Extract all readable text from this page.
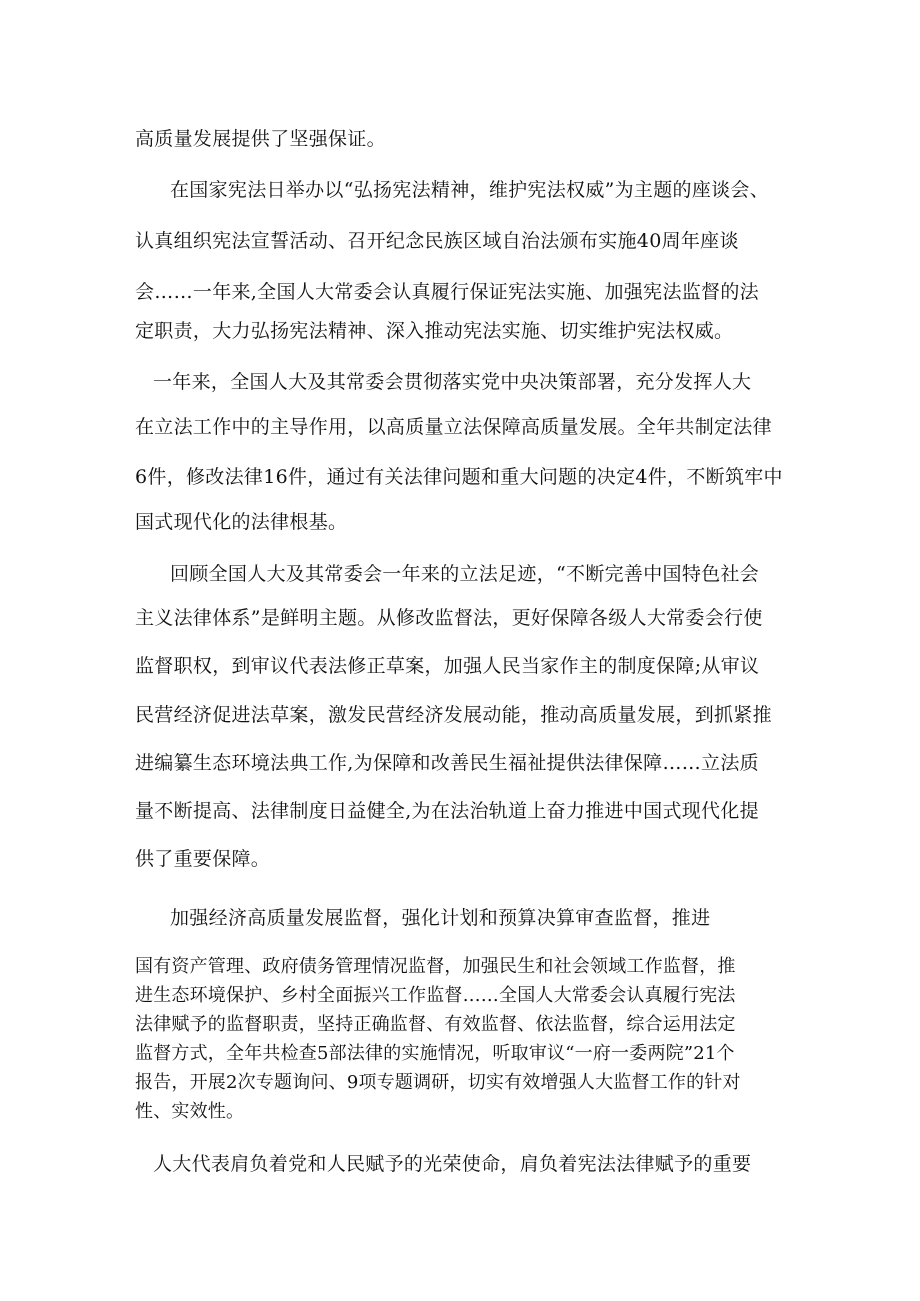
高质量发展提供了坚强保证。
在国家宪法日举办以“弘扬宪法精神，维护宪法权威”为主题的座谈会、
认真组织宪法宣誓活动、召开纪念民族区域自治法颁布实施40周年座谈
会……一年来,全国人大常委会认真履行保证宪法实施、加强宪法监督的法
定职责，大力弘扬宪法精神、深入推动宪法实施、切实维护宪法权威。
一年来，全国人大及其常委会贯彻落实党中央决策部署，充分发挥人大
在立法工作中的主导作用，以高质量立法保障高质量发展。全年共制定法律
6件，修改法律16件，通过有关法律问题和重大问题的决定4件，不断筑牢中
国式现代化的法律根基。
回顾全国人大及其常委会一年来的立法足迹，“不断完善中国特色社会
主义法律体系”是鲜明主题。从修改监督法，更好保障各级人大常委会行使
监督职权，到审议代表法修正草案，加强人民当家作主的制度保障;从审议
民营经济促进法草案，激发民营经济发展动能，推动高质量发展，到抓紧推
进编纂生态环境法典工作,为保障和改善民生福祉提供法律保障……立法质
量不断提高、法律制度日益健全,为在法治轨道上奋力推进中国式现代化提
供了重要保障。
加强经济高质量发展监督，强化计划和预算决算审查监督，推进
国有资产管理、政府债务管理情况监督，加强民生和社会领域工作监督，推
进生态环境保护、乡村全面振兴工作监督……全国人大常委会认真履行宪法
法律赋予的监督职责，坚持正确监督、有效监督、依法监督，综合运用法定
监督方式，全年共检查5部法律的实施情况，听取审议“一府一委两院”21个
报告，开展2次专题询问、9项专题调研，切实有效增强人大监督工作的针对
性、实效性。
人大代表肩负着党和人民赋予的光荣使命，肩负着宪法法律赋予的重要
